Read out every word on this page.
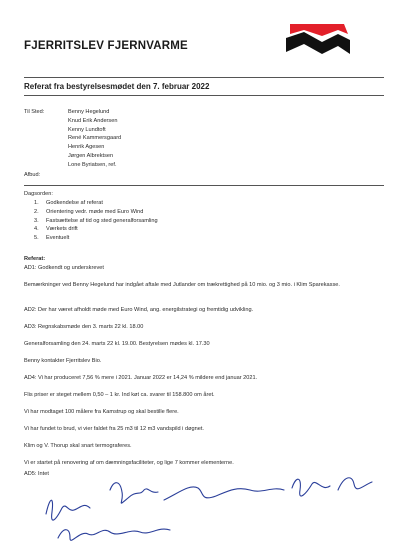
FJERRITSLEV FJERNVARME
Referat fra bestyrelsesmødet den 7. februar 2022
Til Sted:	Benny Hegelund
Knud Erik Andersen
Kenny Lundtoft
René Kammersgaard
Henrik Agesen
Jørgen Albrektsen
Lone Byriatsen, ref.
Afbud:
Dagsorden:
1.	Godkendelse af referat
2.	Orientering vedr. møde med Euro Wind
3.	Fastsættelse af tid og sted generalforsamling
4.	Værkets drift
5.	Eventuelt
Referat:
AD1: Godkendt og underskrevet
Bemærkninger ved Benny Hegelund har indgået aftale med Jutlander om trækrettighed på 10 mio. og 3 mio. i Klim Sparekasse.
AD2: Der har været afholdt møde med Euro Wind, ang. energilstrategi og fremtidig udvikling.
AD3: Regnskabsmøde den 3. marts 22 kl. 18.00
Generalforsamling den 24. marts 22 kl. 19.00. Bestyrelsen mødes kl. 17.30
Benny kontakter Fjerritslev Bio.
AD4: Vi har produceret 7,56 % mere i 2021. Januar 2022 er 14,24 % mildere end januar 2021.
Flis priser er steget mellem 0,50 – 1 kr. Ind køt ca. svarer til 158.800 om året.
Vi har modtaget 100 målere fra Kamstrup og skal bestille flere.
Vi har fundet to brud, vi vier faldet fra 25 m3 til 12 m3 vandspild i døgnet.
Klim og V. Thorup skal snart termograferes.
Vi er startet på renovering af om dæmningsfaciliteter, og lige 7 kommer elementerne.
AD5: Intet
